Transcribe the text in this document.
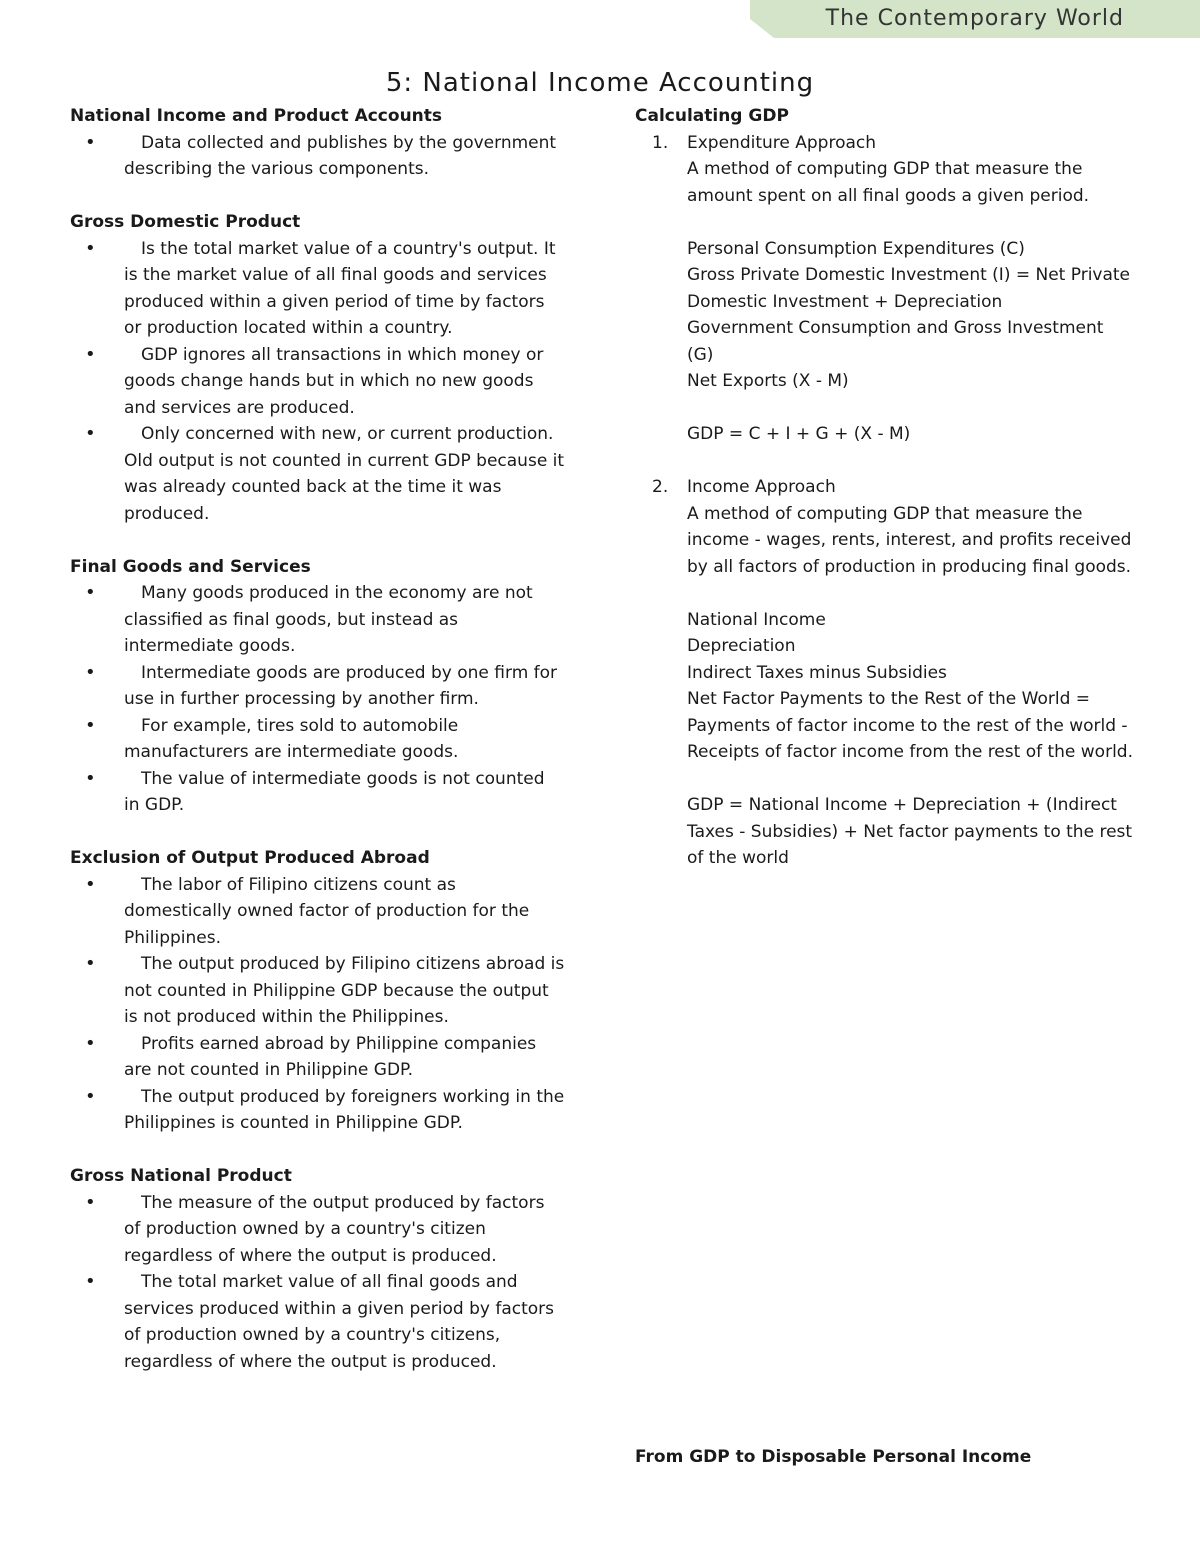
The Contemporary World
5: National Income Accounting

National Income and Product Accounts

•	Data collected and publishes by the government describing the various components.

Gross Domestic Product

•	Is the total market value of a country's output. It is the market value of all final goods and services produced within a given period of time by factors or production located within a country.
•	GDP ignores all transactions in which money or goods change hands but in which no new goods and services are produced.
•	Only concerned with new, or current production. Old output is not counted in current GDP because it was already counted back at the time it was produced.

Final Goods and Services

•	Many goods produced in the economy are not classified as final goods, but instead as intermediate goods.
•	Intermediate goods are produced by one firm for use in further processing by another firm.
•	For example, tires sold to automobile manufacturers are intermediate goods.
•	The value of intermediate goods is not counted in GDP.

Exclusion of Output Produced Abroad

•	The labor of Filipino citizens count as domestically owned factor of production for the Philippines.
•	The output produced by Filipino citizens abroad is not counted in Philippine GDP because the output is not produced within the Philippines.
•	Profits earned abroad by Philippine companies are not counted in Philippine GDP.
•	The output produced by foreigners working in the Philippines is counted in Philippine GDP.

Gross National Product

•	The measure of the output produced by factors of production owned by a country's citizen regardless of where the output is produced.
•	The total market value of all final goods and services produced within a given period by factors of production owned by a country's citizens, regardless of where the output is produced.

Calculating GDP

1. Expenditure Approach
A method of computing GDP that measure the amount spent on all final goods a given period.
Personal Consumption Expenditures (C)
Gross Private Domestic Investment (I) = Net Private Domestic Investment + Depreciation
Government Consumption and Gross Investment (G)
Net Exports (X - M)
GDP = C + I + G + (X - M)
2. Income Approach
A method of computing GDP that measure the income - wages, rents, interest, and profits received by all factors of production in producing final goods.
National Income
Depreciation
Indirect Taxes minus Subsidies
Net Factor Payments to the Rest of the World = Payments of factor income to the rest of the world - Receipts of factor income from the rest of the world.
GDP = National Income + Depreciation + (Indirect Taxes - Subsidies) + Net factor payments to the rest of the world
From GDP to Disposable Personal Income
